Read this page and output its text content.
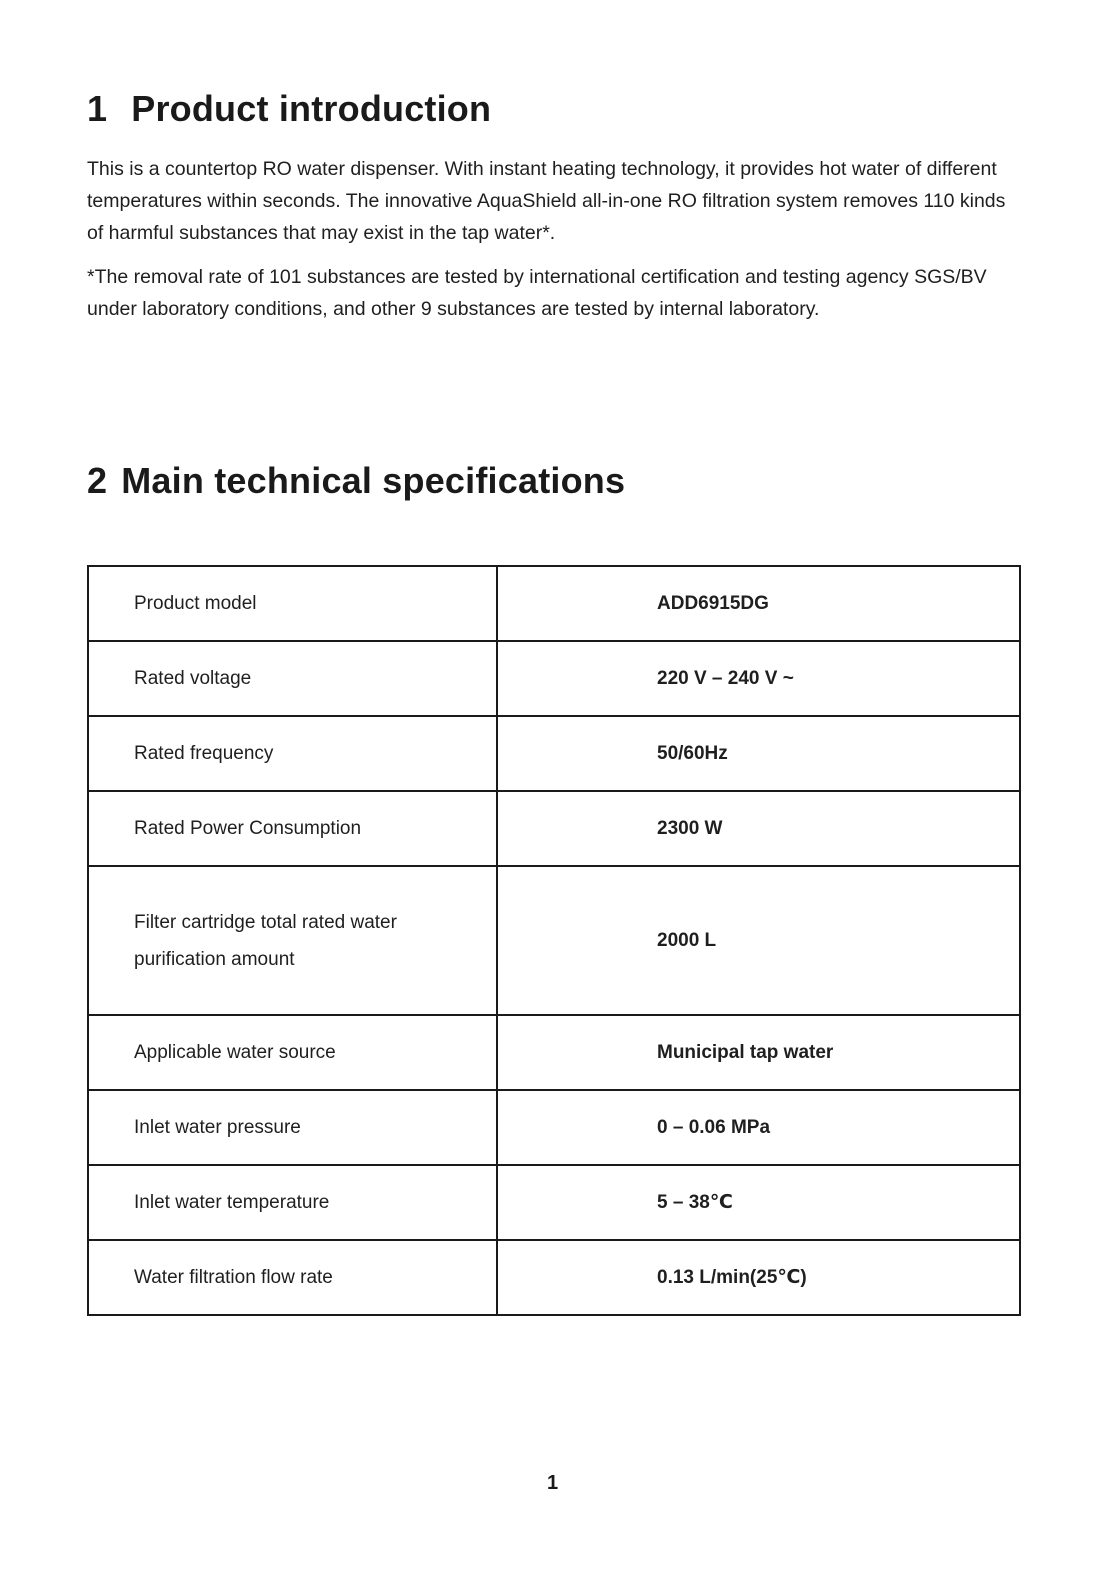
1 Product introduction

This is a countertop RO water dispenser. With instant heating technology, it provides hot water of different temperatures within seconds. The innovative AquaShield all-in-one RO filtration system removes 110 kinds of harmful substances that may exist in the tap water*.

*The removal rate of 101 substances are tested by international certification and testing agency SGS/BV under laboratory conditions, and other 9 substances are tested by internal laboratory.

2 Main technical specifications
Product model	ADD6915DG
Rated voltage	220 V – 240 V ~
Rated frequency	50/60Hz
Rated Power Consumption	2300 W
Filter cartridge total rated water purification amount	2000 L
Applicable water source	Municipal tap water
Inlet water pressure	0 – 0.06 MPa
Inlet water temperature	5 – 38℃
Water filtration flow rate	0.13 L/min(25℃)
1
